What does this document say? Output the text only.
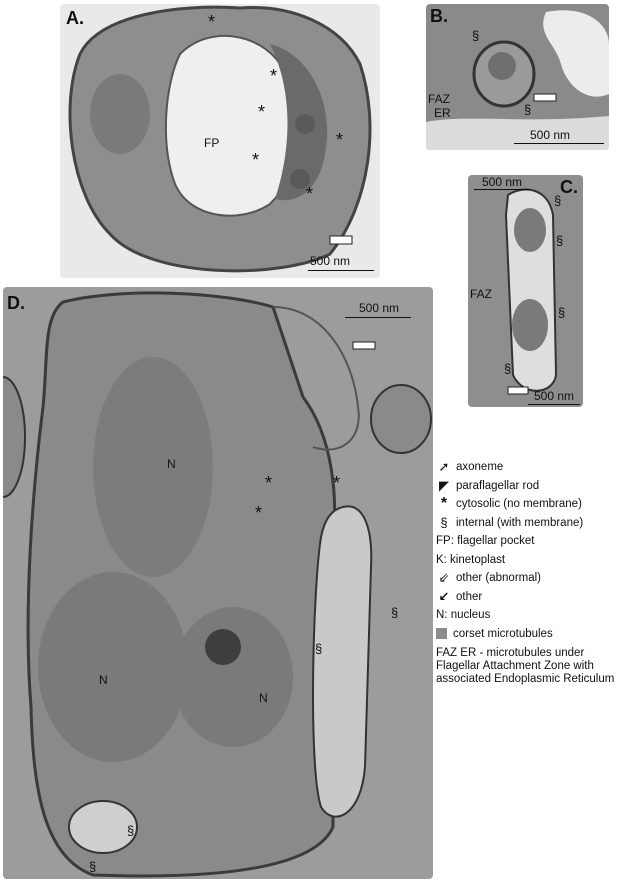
A.
FP
*
*
*
*
*
*
500 nm
B.
§
§
FAZ
ER
500 nm
C.
500 nm
FAZ
§
§
§
§
500 nm
D.	500 nm
N
N
N
*
*
*
§
§
§
§
➚ axoneme
◤ paraflagellar rod
* cytosolic (no membrane)
§ internal (with membrane)
FP: flagellar pocket
K: kinetoplast
⇙ other (abnormal)
↙ other
N: nucleus
corset microtubules
FAZ ER - microtubules under Flagellar Attachment Zone with associated Endoplasmic Reticulum
